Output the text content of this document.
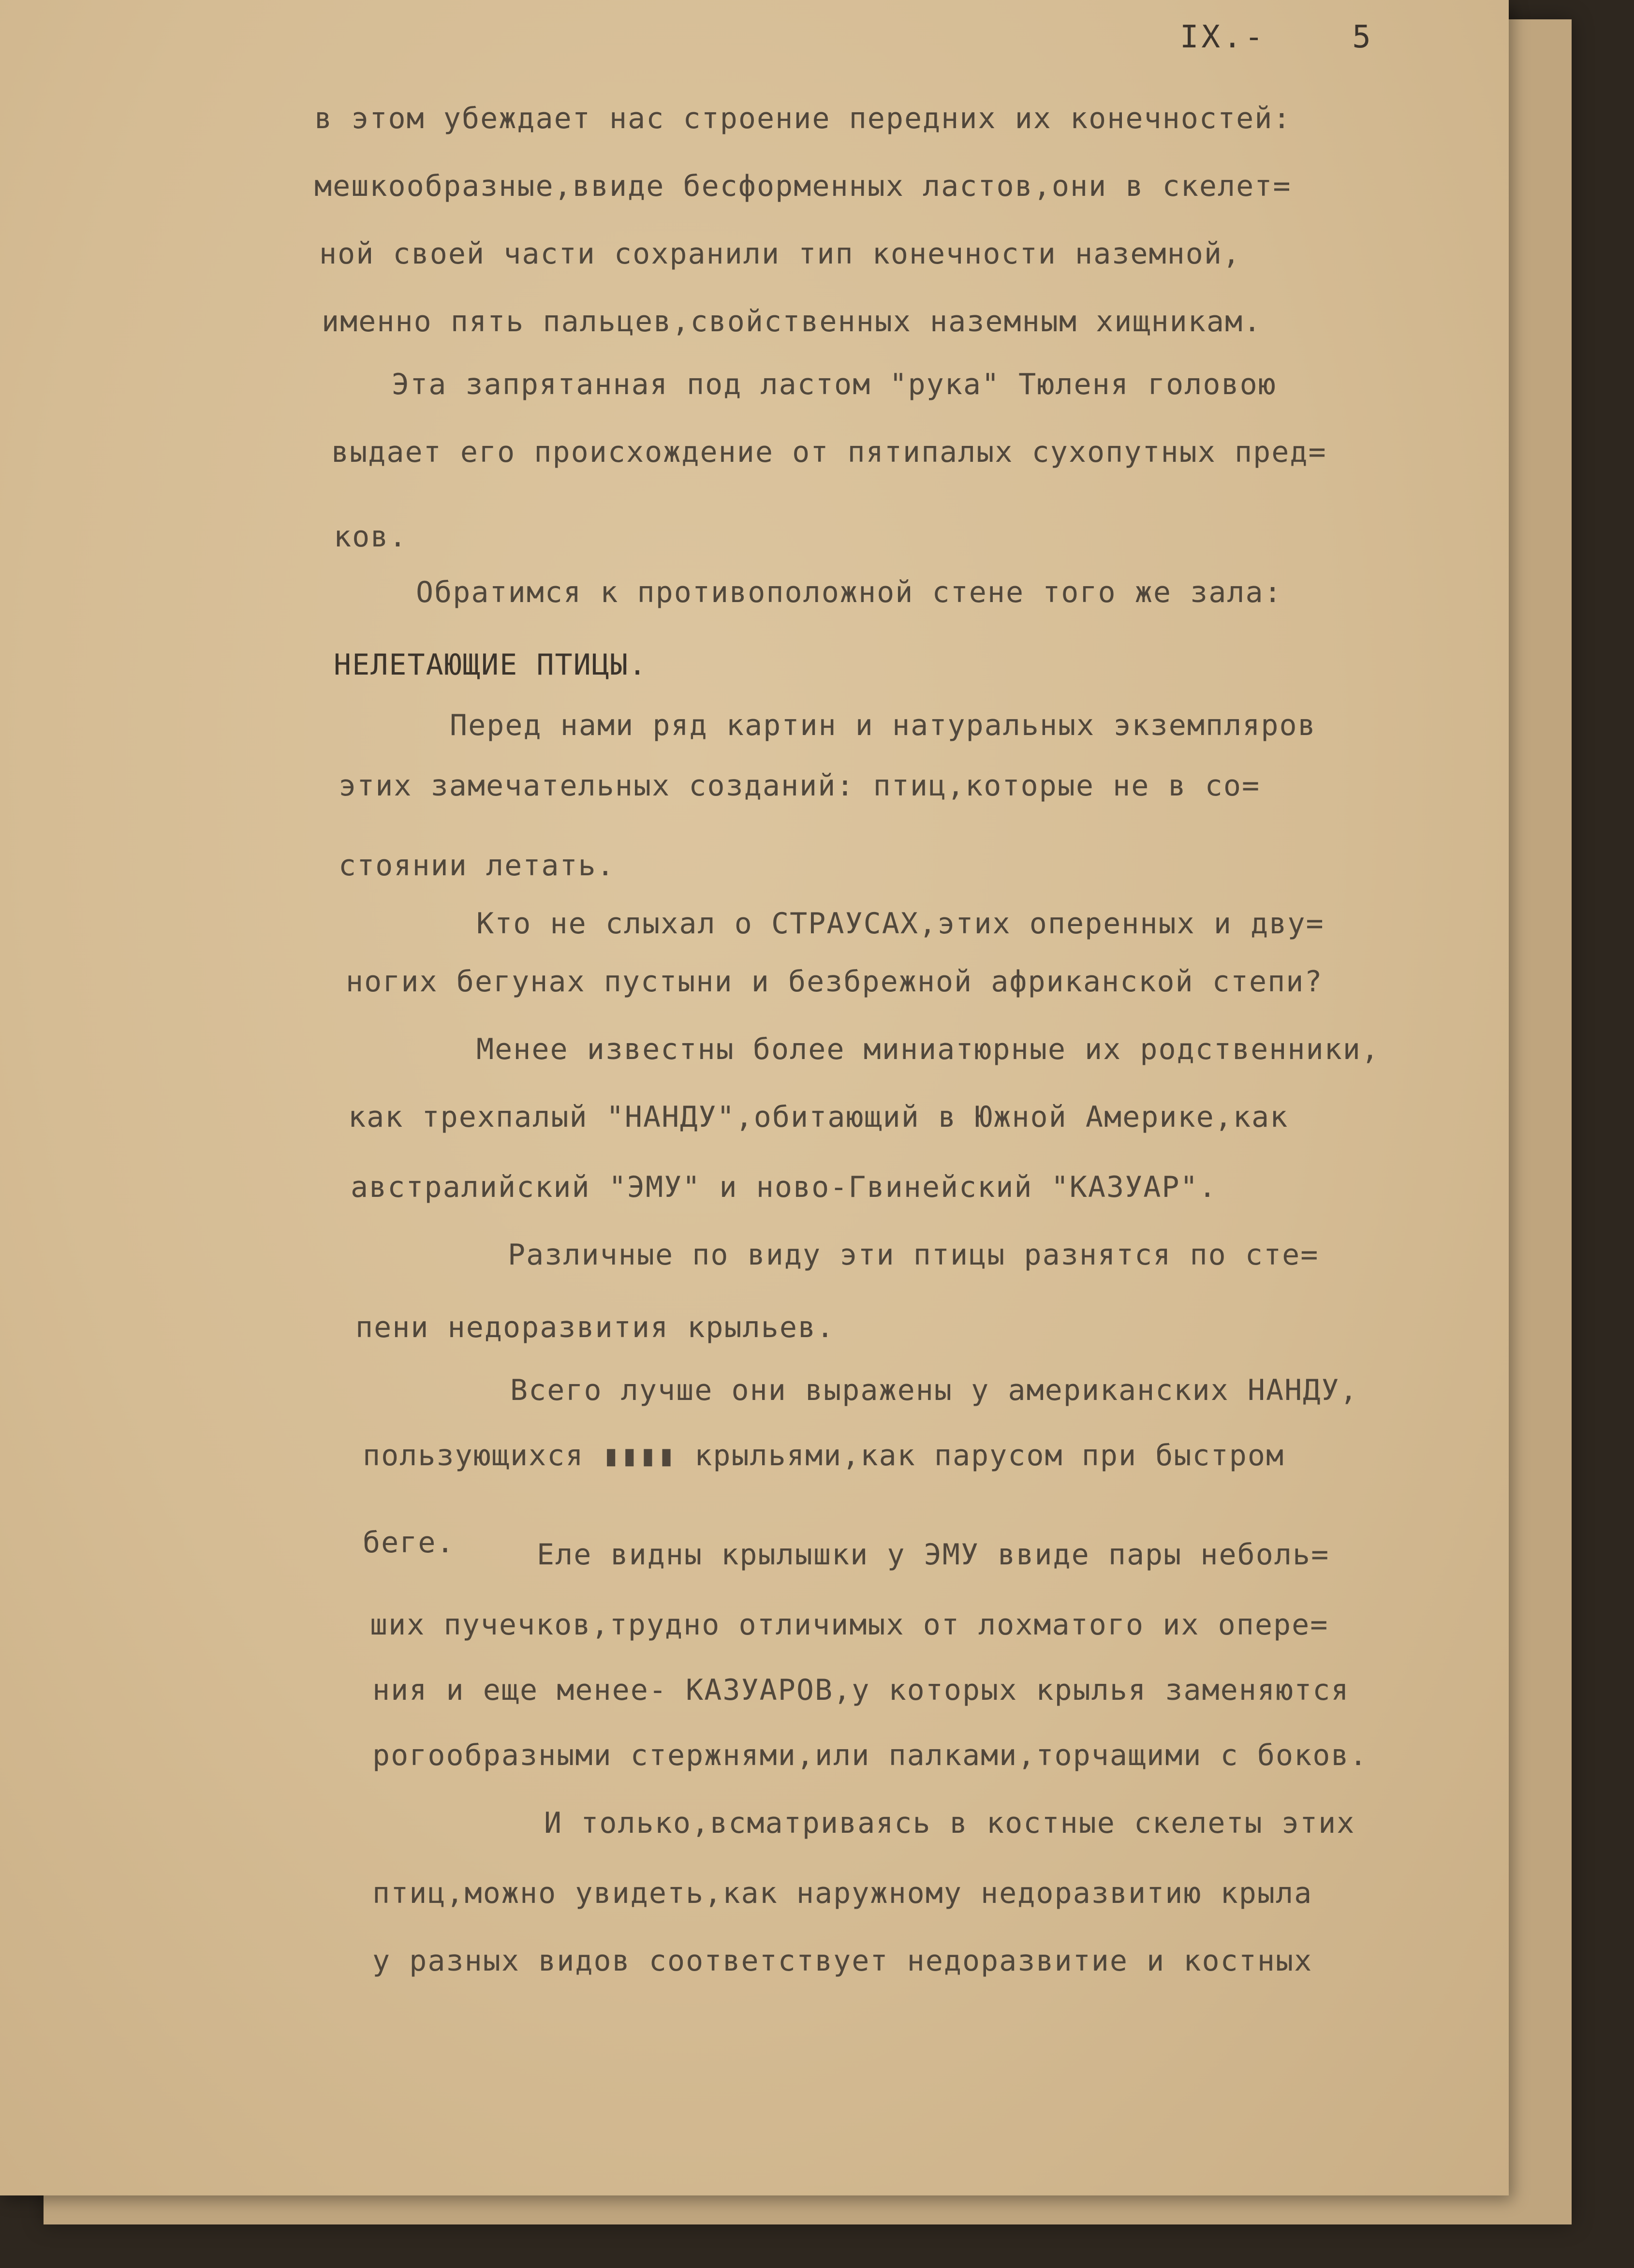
IX.-    5
в этом убеждает нас строение передних их конечностей:
мешкообразные,ввиде бесформенных ластов,они в скелет=
ной своей части сохранили тип конечности наземной,
именно пять пальцев,свойственных наземным хищникам.
Эта запрятанная под ластом "рука" Тюленя головою
выдает его происхождение от пятипалых сухопутных пред=
ков.
Обратимся к противоположной стене того же зала:
НЕЛЕТАЮЩИЕ ПТИЦЫ.
Перед нами ряд картин и натуральных экземпляров
этих замечательных созданий: птиц,которые не в со=
стоянии летать.
Кто не слыхал о СТРАУСАХ,этих оперенных и дву=
ногих бегунах пустыни и безбрежной африканской степи?
Менее известны более миниатюрные их родственники,
как трехпалый "НАНДУ",обитающий в Южной Америке,как
австралийский "ЭМУ" и ново-Гвинейский "КАЗУАР".
Различные по виду эти птицы разнятся по сте=
пени недоразвития крыльев.
Всего лучше они выражены у американских НАНДУ,
пользующихся ▮▮▮▮ крыльями,как парусом при быстром
беге.	Еле видны крылышки у ЭМУ ввиде пары неболь=
ших пучечков,трудно отличимых от лохматого их опере=
ния и еще менее- КАЗУАРОВ,у которых крылья заменяются
рогообразными стержнями,или палками,торчащими с боков.
И только,всматриваясь в костные скелеты этих
птиц,можно увидеть,как наружному недоразвитию крыла
у разных видов соответствует недоразвитие и костных
